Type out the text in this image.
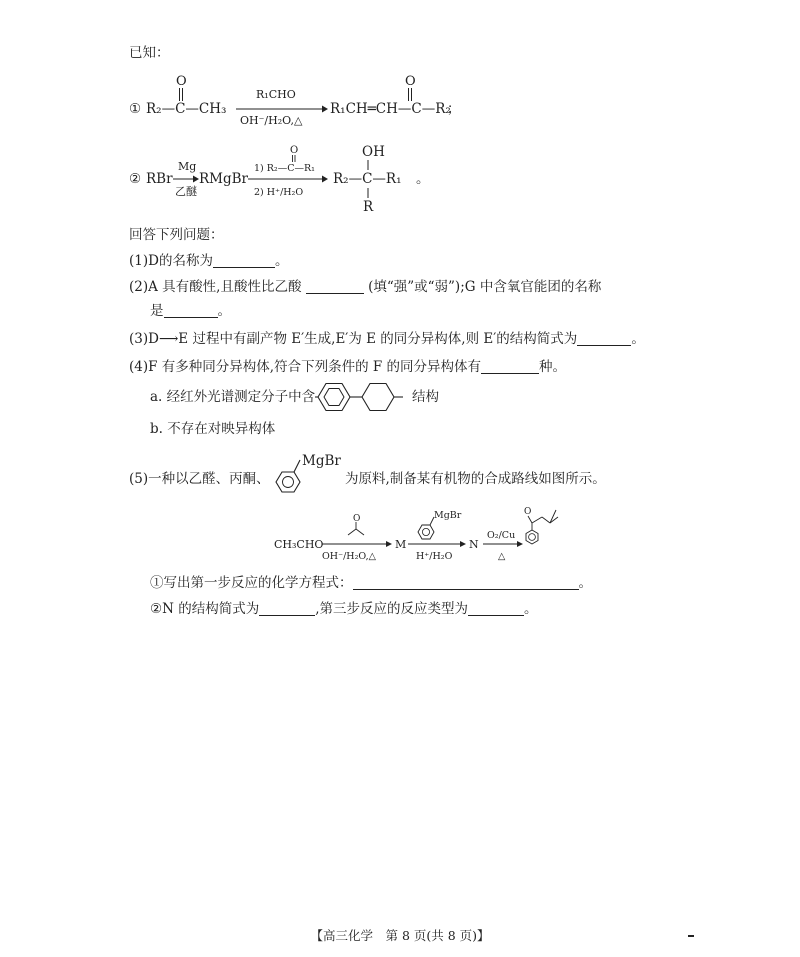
已知：
① R₂—C—CH₃
O
R₁CHO
OH⁻/H₂O,△
R₁CH═CH—C—R₂
O
；
② RBr
Mg
乙醚
RMgBr
O
1) R₂—C—R₁
2) H⁺/H₂O
OH
R₂—C—R₁
R
。
回答下列问题：
(1)D的名称为	。
(2)A 具有酸性,且酸性比乙酸	(填“强”或“弱”);G 中含氧官能团的名称
是	。
(3)D⟶E 过程中有副产物 E′生成,E′为 E 的同分异构体,则 E′的结构简式为	。
(4)F 有多种同分异构体,符合下列条件的 F 的同分异构体有	种。
a. 经红外光谱测定分子中含	结构
b. 不存在对映异构体
(5)一种以乙醛、丙酮、
MgBr
为原料,制备某有机物的合成路线如图所示。
CH₃CHO
O
OH⁻/H₂O,△
M
MgBr
H⁺/H₂O
N
O₂/Cu
△
O
①写出第一步反应的化学方程式：	。
②N 的结构简式为	,第三步反应的反应类型为	。
【高三化学　第 8 页(共 8 页)】
